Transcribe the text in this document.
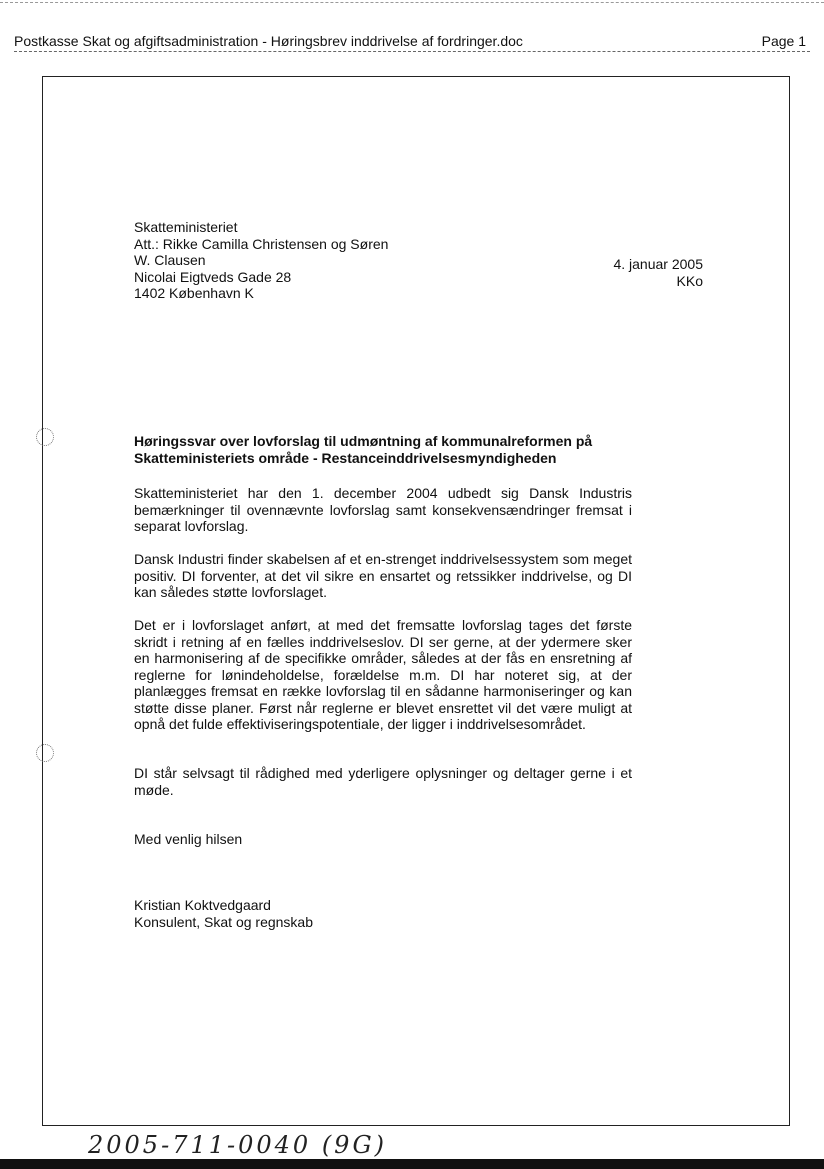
Postkasse Skat og afgiftsadministration - Høringsbrev inddrivelse af fordringer.doc	Page 1
Skatteministeriet
Att.: Rikke Camilla Christensen og Søren
W. Clausen
Nicolai Eigtveds Gade 28
1402 København K
4. januar 2005
KKo
Høringssvar over lovforslag til udmøntning af kommunalreformen på Skatteministeriets område - Restanceinddrivelsesmyndigheden
Skatteministeriet har den 1. december 2004 udbedt sig Dansk Industris bemærkninger til ovennævnte lovforslag samt konsekvensændringer fremsat i separat lovforslag.
Dansk Industri finder skabelsen af et en-strenget inddrivelsessystem som meget positiv. DI forventer, at det vil sikre en ensartet og retssikker inddrivelse, og DI kan således støtte lovforslaget.
Det er i lovforslaget anført, at med det fremsatte lovforslag tages det første skridt i retning af en fælles inddrivelseslov. DI ser gerne, at der ydermere sker en harmonisering af de specifikke områder, således at der fås en ensretning af reglerne for lønindeholdelse, forældelse m.m. DI har noteret sig, at der planlægges fremsat en række lovforslag til en sådanne harmoniseringer og kan støtte disse planer. Først når reglerne er blevet ensrettet vil det være muligt at opnå det fulde effektiviseringspotentiale, der ligger i inddrivelsesområdet.
DI står selvsagt til rådighed med yderligere oplysninger og deltager gerne i et møde.
Med venlig hilsen
Kristian Koktvedgaard
Konsulent, Skat og regnskab
2005-711-0040 (9G)
